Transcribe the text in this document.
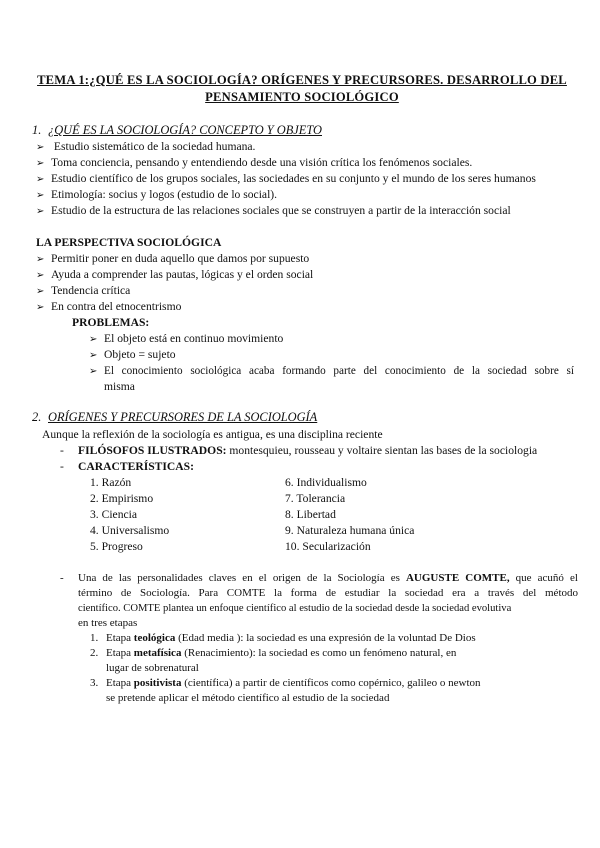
TEMA 1:¿QUÉ ES LA SOCIOLOGÍA? ORÍGENES Y PRECURSORES. DESARROLLO DEL
PENSAMIENTO SOCIOLÓGICO
1. ¿QUÉ ES LA SOCIOLOGÍA? CONCEPTO Y OBJETO
➢ Estudio sistemático de la sociedad humana.
➢ Toma conciencia, pensando y entendiendo desde una visión crítica los fenómenos sociales.
➢ Estudio científico de los grupos sociales, las sociedades en su conjunto y el mundo de los seres humanos
➢ Etimología: socius y logos (estudio de lo social).
➢ Estudio de la estructura de las relaciones sociales que se construyen a partir de la interacción social
LA PERSPECTIVA SOCIOLÓGICA
➢ Permitir poner en duda aquello que damos por supuesto
➢ Ayuda a comprender las pautas, lógicas y el orden social
➢ Tendencia crítica
➢ En contra del etnocentrismo
PROBLEMAS:
➢ El objeto está en continuo movimiento
➢ Objeto = sujeto
➢ El conocimiento sociológica acaba formando parte del conocimiento de la sociedad sobre sí
misma
2. ORÍGENES Y PRECURSORES DE LA SOCIOLOGÍA
Aunque la reflexión de la sociología es antigua, es una disciplina reciente
- FILÓSOFOS ILUSTRADOS: montesquieu, rousseau y voltaire sientan las bases de la sociologia
- CARACTERÍSTICAS:
1. Razón
2. Empirismo
3. Ciencia
4. Universalismo
5. Progreso
6. Individualismo
7. Tolerancia
8. Libertad
9. Naturaleza humana única
10. Secularización
- Una de las personalidades claves en el origen de la Sociología es AUGUSTE COMTE, que acuñó el
término de Sociología. Para COMTE la forma de estudiar la sociedad era a través del método
científico. COMTE plantea un enfoque científico al estudio de la sociedad desde la sociedad evolutiva
en tres etapas
1. Etapa teológica (Edad media ): la sociedad es una expresión de la voluntad De Dios
2. Etapa metafísica (Renacimiento): la sociedad es como un fenómeno natural, en
lugar de sobrenatural
3. Etapa positivista (científica) a partir de científicos como copérnico, galileo o newton
se pretende aplicar el método científico al estudio de la sociedad
